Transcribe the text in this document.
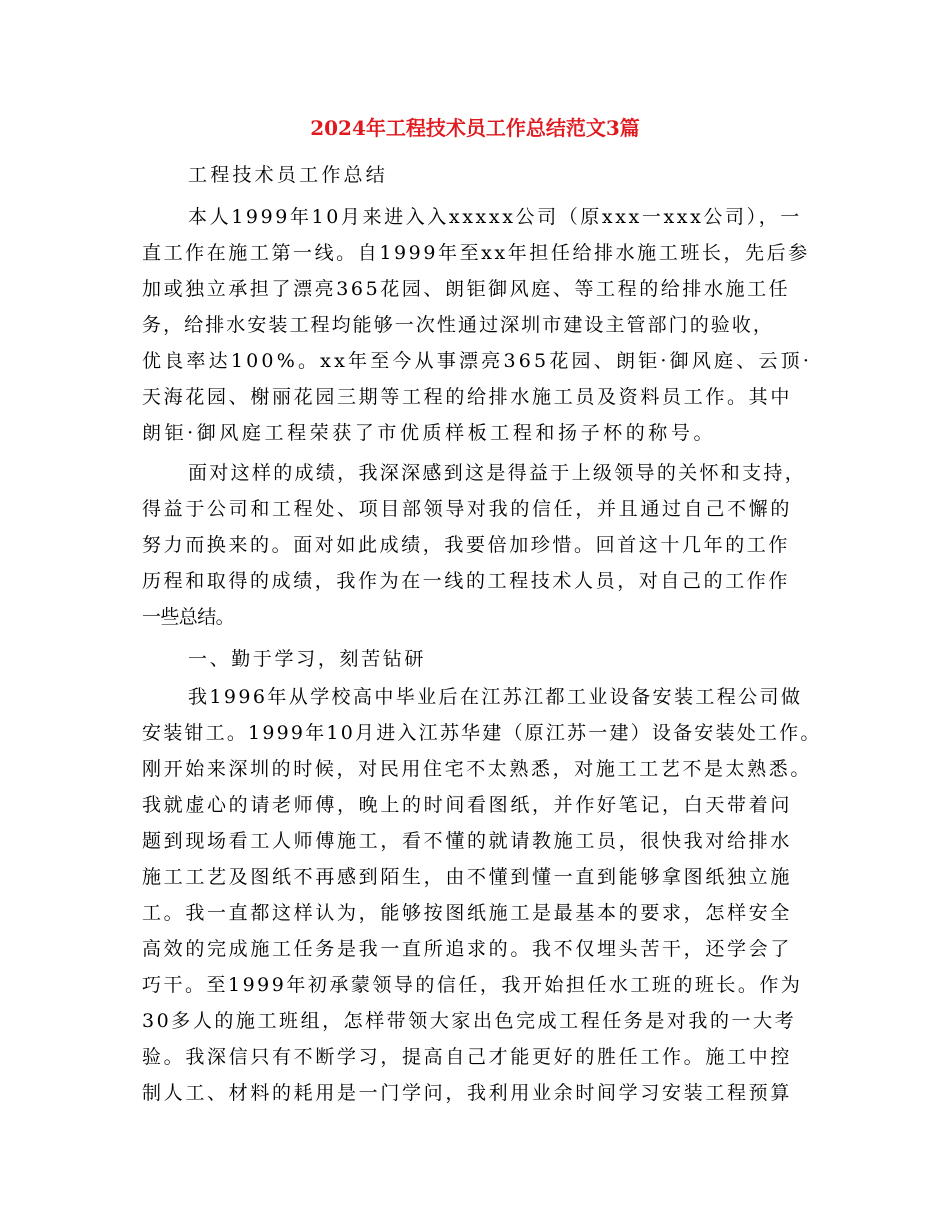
2024年工程技术员工作总结范文3篇
工程技术员工作总结
本人1999年10月来进入入xxxxx公司（原xxx一xxx公司），一
直工作在施工第一线。自1999年至xx年担任给排水施工班长，先后参
加或独立承担了漂亮365花园、朗钜御风庭、等工程的给排水施工任
务，给排水安装工程均能够一次性通过深圳市建设主管部门的验收，
优良率达100%。xx年至今从事漂亮365花园、朗钜·御风庭、云顶·
天海花园、榭丽花园三期等工程的给排水施工员及资料员工作。其中
朗钜·御风庭工程荣获了市优质样板工程和扬子杯的称号。
面对这样的成绩，我深深感到这是得益于上级领导的关怀和支持，
得益于公司和工程处、项目部领导对我的信任，并且通过自己不懈的
努力而换来的。面对如此成绩，我要倍加珍惜。回首这十几年的工作
历程和取得的成绩，我作为在一线的工程技术人员，对自己的工作作
一些总结。
一、勤于学习，刻苦钻研
我1996年从学校高中毕业后在江苏江都工业设备安装工程公司做
安装钳工。1999年10月进入江苏华建（原江苏一建）设备安装处工作。
刚开始来深圳的时候，对民用住宅不太熟悉，对施工工艺不是太熟悉。
我就虚心的请老师傅，晚上的时间看图纸，并作好笔记，白天带着问
题到现场看工人师傅施工，看不懂的就请教施工员，很快我对给排水
施工工艺及图纸不再感到陌生，由不懂到懂一直到能够拿图纸独立施
工。我一直都这样认为，能够按图纸施工是最基本的要求，怎样安全
高效的完成施工任务是我一直所追求的。我不仅埋头苦干，还学会了
巧干。至1999年初承蒙领导的信任，我开始担任水工班的班长。作为
30多人的施工班组，怎样带领大家出色完成工程任务是对我的一大考
验。我深信只有不断学习，提高自己才能更好的胜任工作。施工中控
制人工、材料的耗用是一门学问，我利用业余时间学习安装工程预算
